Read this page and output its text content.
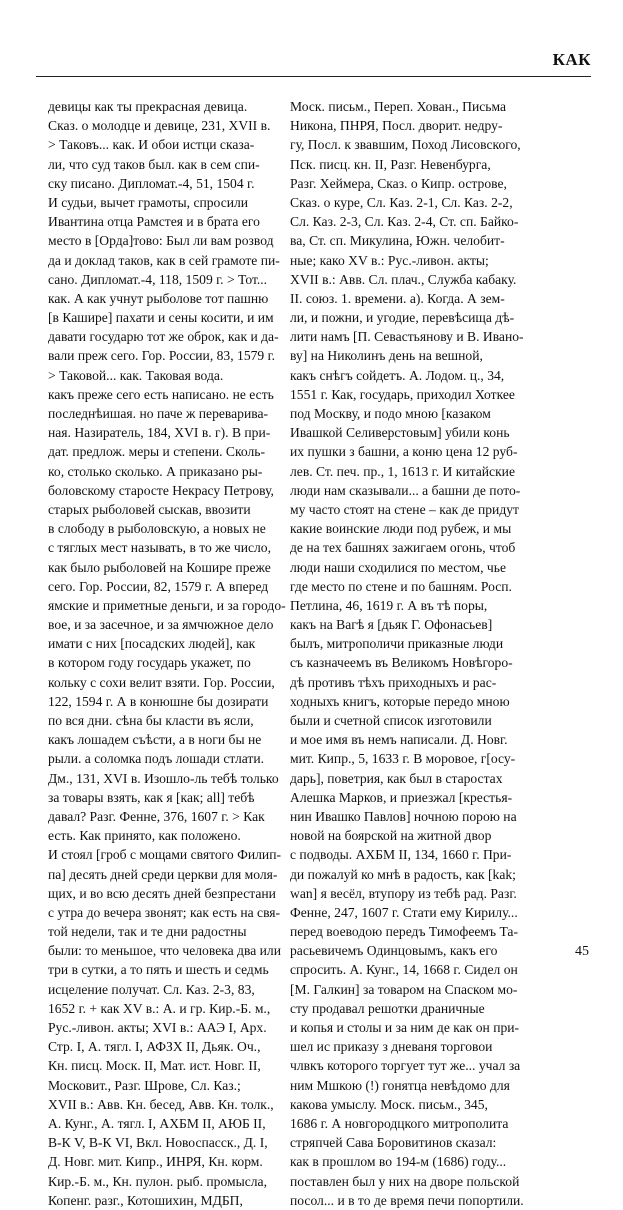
КАК
девицы как ты прекрасная девица.
Сказ. о молодце и девице, 231, XVII в.
> Таковъ... как. И обои истци сказа-
ли, что суд таков был. как в сем спи-
ску писано. Дипломат.-4, 51, 1504 г.
И судьи, вычет грамоты, спросили
Ивантина отца Рамстея и в брата его
место в [Орда]тово: Был ли вам розвод
да и доклад таков, как в сей грамоте пи-
сано. Дипломат.-4, 118, 1509 г. > Тот...
как. А как учнут рыболове тот пашню
[в Кашире] пахати и сены косити, и им
давати государю тот же оброк, как и да-
вали преж сего. Гор. России, 83, 1579 г.
> Таковой... как. Таковая вода.
какъ преже сего есть написано. не есть
последнѣишая. но паче ж переварива-
ная. Назиратель, 184, XVI в. г). В при-
дат. предлож. меры и степени. Сколь-
ко, столько сколько. А приказано ры-
боловскому старосте Некрасу Петрову,
старых рыболовей сыскав, ввозити
в слободу в рыболовскую, а новых не
с тяглых мест называть, в то же число,
как было рыболовей на Кошире преже
сего. Гор. России, 82, 1579 г. А вперед
ямские и приметные деньги, и за городо-
вое, и за засечное, и за ямчюжное дело
имати с них [посадских людей], как
в котором году государь укажет, по
кольку с сохи велит взяти. Гор. России,
122, 1594 г. А в конюшне бы дозирати
по вся дни. сѣна бы класти въ ясли,
какъ лошадем съѣсти, а в ноги бы не
рыли. а соломка подъ лошади стлати.
Дм., 131, XVI в. Изошло-ль тебѣ только
за товары взять, как я [как; all] тебѣ
давал? Разг. Фенне, 376, 1607 г. > Как
есть. Как принято, как положено.
И стоял [гроб с мощами святого Филип-
па] десять дней среди церкви для моля-
щих, и во всю десять дней безпрестани
с утра до вечера звонят; как есть на свя-
той недели, так и те дни радостны
были: то меньшое, что человека два или
три в сутки, а то пять и шесть и седмь
исцеление получат. Сл. Каз. 2-3, 83,
1652 г. + как XV в.: А. и гр. Кир.-Б. м.,
Рус.-ливон. акты; XVI в.: ААЭ I, Арх.
Стр. I, А. тягл. I, АФЗХ II, Дьяк. Оч.,
Кн. писц. Моск. II, Мат. ист. Новг. II,
Московит., Разг. Шрове, Сл. Каз.;
XVII в.: Авв. Кн. бесед, Авв. Кн. толк.,
А. Кунг., А. тягл. I, АХБМ II, АЮБ II,
В-К V, В-К VI, Вкл. Новоспасск., Д. I,
Д. Новг. мит. Кипр., ИНРЯ, Кн. корм.
Кир.-Б. м., Кн. пулон. рыб. промысла,
Копенг. разг., Котошихин, МДБП,
Моск. письм., Переп. Хован., Письма
Никона, ПНРЯ, Посл. дворит. недру-
гу, Посл. к звавшим, Поход Лисовского,
Пск. писц. кн. II, Разг. Невенбурга,
Разг. Хеймера, Сказ. о Кипр. острове,
Сказ. о куре, Сл. Каз. 2-1, Сл. Каз. 2-2,
Сл. Каз. 2-3, Сл. Каз. 2-4, Ст. сп. Байко-
ва, Ст. сп. Микулина, Южн. челобит-
ные; како XV в.: Рус.-ливон. акты;
XVII в.: Авв. Сл. плач., Служба кабаку.
II. союз. 1. времени. а). Когда. А зем-
ли, и пожни, и угодие, перевѣсища дѣ-
лити намъ [П. Севастьянову и В. Ивано-
ву] на Николинъ день на вешной,
какъ снѣгъ сойдетъ. А. Лодом. ц., 34,
1551 г. Как, государь, приходил Хоткее
под Москву, и подо мною [казаком
Ивашкой Селиверстовым] убили конь
их пушки з башни, а коню цена 12 руб-
лев. Ст. печ. пр., 1, 1613 г. И китайские
люди нам сказывали... а башни де пото-
му часто стоят на стене – как де придут
какие воинские люди под рубеж, и мы
де на тех башнях зажигаем огонь, чтоб
люди наши сходилися по местом, чье
где место по стене и по башням. Росп.
Петлина, 46, 1619 г. А въ тѣ поры,
какъ на Вагѣ я [дьяк Г. Офонасьев]
былъ, митрополичи приказные люди
съ казначеемъ въ Великомъ Новѣгоро-
дѣ противъ тѣхъ приходныхъ и рас-
ходныхъ книгъ, которые передо мною
были и счетной список изготовили
и мое имя въ немъ написали. Д. Новг.
мит. Кипр., 5, 1633 г. В моровое, г[осу-
дарь], поветрия, как был в старостах
Алешка Марков, и приезжал [крестья-
нин Ивашко Павлов] ночною порою на
новой на боярской на житной двор
с подводы. АХБМ II, 134, 1660 г. При-
ди пожалуй ко мнѣ в радость, как [kak;
wan] я весёл, втупору из тебѣ рад. Разг.
Фенне, 247, 1607 г. Стати ему Кирилу...
перед воеводою передъ Тимофеемъ Та-
расьевичемъ Одинцовымъ, какъ его
спросить. А. Кунг., 14, 1668 г. Сидел он
[М. Галкин] за товаром на Спаском мо-
сту продавал решотки драничные
и копья и столы и за ним де как он при-
шел ис приказу з дневаня торговои
члвкъ которого торгует тут же... учал за
ним Мшкою (!) гонятца невѣдомо для
какова умыслу. Моск. письм., 345,
1686 г. А новгородцкого митрополита
стряпчей Сава Боровитинов сказал:
как в прошлом во 194-м (1686) году...
поставлен был у них на дворе польской
посол... и в то де время печи попортили.
45
